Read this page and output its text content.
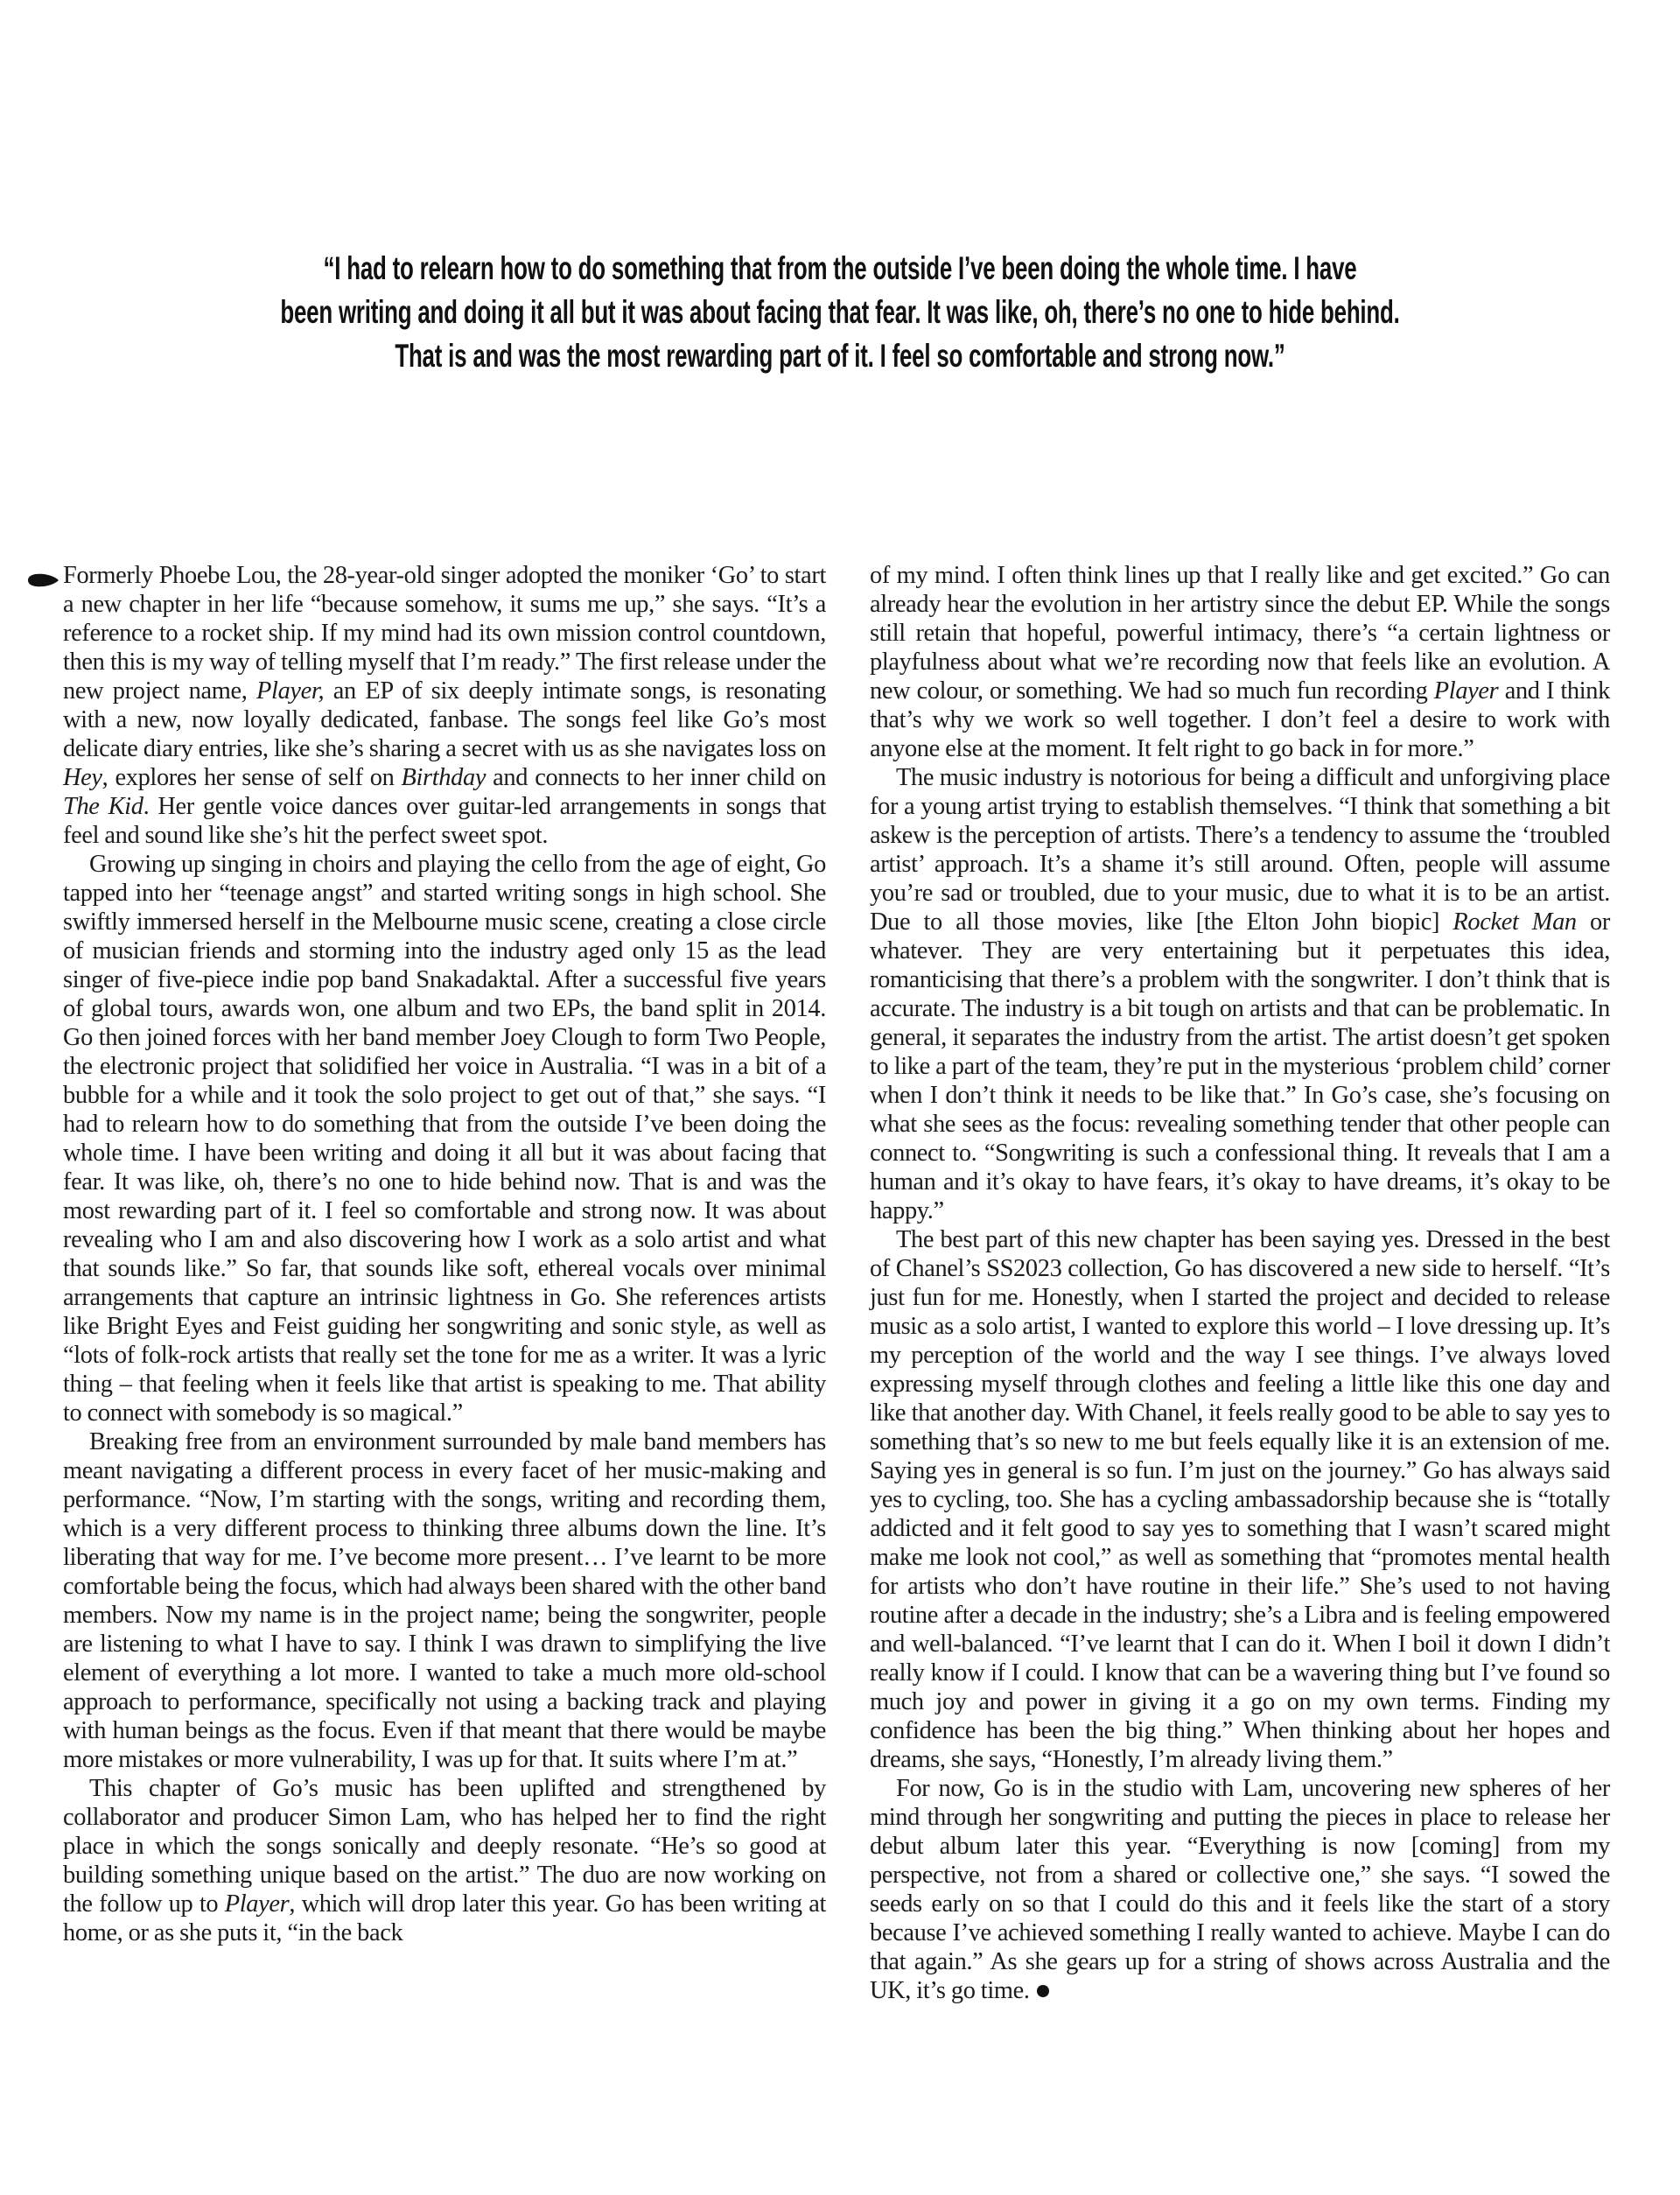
“I had to relearn how to do something that from the outside I’ve been doing the whole time. I have
been writing and doing it all but it was about facing that fear. It was like, oh, there’s no one to hide behind.
That is and was the most rewarding part of it. I feel so comfortable and strong now.”

Formerly Phoebe Lou, the 28-year-old singer adopted the moniker ‘Go’ to start a new chapter in her life “because somehow, it sums me up,” she says. “It’s a reference to a rocket ship. If my mind had its own mission control countdown, then this is my way of telling myself that I’m ready.” The first release under the new project name, Player, an EP of six deeply intimate songs, is resonating with a new, now loyally dedicated, fanbase. The songs feel like Go’s most delicate diary entries, like she’s sharing a secret with us as she navigates loss on Hey, explores her sense of self on Birthday and connects to her inner child on The Kid. Her gentle voice dances over guitar-led arrangements in songs that feel and sound like she’s hit the perfect sweet spot.

Growing up singing in choirs and playing the cello from the age of eight, Go tapped into her “teenage angst” and started writing songs in high school. She swiftly immersed herself in the Melbourne music scene, creating a close circle of musician friends and storming into the industry aged only 15 as the lead singer of five-piece indie pop band Snakadaktal. After a successful five years of global tours, awards won, one album and two EPs, the band split in 2014. Go then joined forces with her band member Joey Clough to form Two People, the electronic project that solidified her voice in Australia. “I was in a bit of a bubble for a while and it took the solo project to get out of that,” she says. “I had to relearn how to do something that from the outside I’ve been doing the whole time. I have been writing and doing it all but it was about facing that fear. It was like, oh, there’s no one to hide behind now. That is and was the most rewarding part of it. I feel so comfortable and strong now. It was about revealing who I am and also discovering how I work as a solo artist and what that sounds like.” So far, that sounds like soft, ethereal vocals over minimal arrangements that capture an intrinsic lightness in Go. She references artists like Bright Eyes and Feist guiding her songwriting and sonic style, as well as “lots of folk-rock artists that really set the tone for me as a writer. It was a lyric thing – that feeling when it feels like that artist is speaking to me. That ability to connect with somebody is so magical.”

Breaking free from an environment surrounded by male band members has meant navigating a different process in every facet of her music-making and performance. “Now, I’m starting with the songs, writing and recording them, which is a very different process to thinking three albums down the line. It’s liberating that way for me. I’ve become more present… I’ve learnt to be more comfortable being the focus, which had always been shared with the other band members. Now my name is in the project name; being the songwriter, people are listening to what I have to say. I think I was drawn to simplifying the live element of everything a lot more. I wanted to take a much more old-school approach to performance, specifically not using a backing track and playing with human beings as the focus. Even if that meant that there would be maybe more mistakes or more vulnerability, I was up for that. It suits where I’m at.”

This chapter of Go’s music has been uplifted and strengthened by collaborator and producer Simon Lam, who has helped her to find the right place in which the songs sonically and deeply resonate. “He’s so good at building something unique based on the artist.” The duo are now working on the follow up to Player, which will drop later this year. Go has been writing at home, or as she puts it, “in the back

of my mind. I often think lines up that I really like and get excited.” Go can already hear the evolution in her artistry since the debut EP. While the songs still retain that hopeful, powerful intimacy, there’s “a certain lightness or playfulness about what we’re recording now that feels like an evolution. A new colour, or something. We had so much fun recording Player and I think that’s why we work so well together. I don’t feel a desire to work with anyone else at the moment. It felt right to go back in for more.”

The music industry is notorious for being a difficult and unforgiving place for a young artist trying to establish themselves. “I think that something a bit askew is the perception of artists. There’s a tendency to assume the ‘troubled artist’ approach. It’s a shame it’s still around. Often, people will assume you’re sad or troubled, due to your music, due to what it is to be an artist. Due to all those movies, like [the Elton John biopic] Rocket Man or whatever. They are very entertaining but it perpetuates this idea, romanticising that there’s a problem with the songwriter. I don’t think that is accurate. The industry is a bit tough on artists and that can be problematic. In general, it separates the industry from the artist. The artist doesn’t get spoken to like a part of the team, they’re put in the mysterious ‘problem child’ corner when I don’t think it needs to be like that.” In Go’s case, she’s focusing on what she sees as the focus: revealing something tender that other people can connect to. “Songwriting is such a confessional thing. It reveals that I am a human and it’s okay to have fears, it’s okay to have dreams, it’s okay to be happy.”

The best part of this new chapter has been saying yes. Dressed in the best of Chanel’s SS2023 collection, Go has discovered a new side to herself. “It’s just fun for me. Honestly, when I started the project and decided to release music as a solo artist, I wanted to explore this world – I love dressing up. It’s my perception of the world and the way I see things. I’ve always loved expressing myself through clothes and feeling a little like this one day and like that another day. With Chanel, it feels really good to be able to say yes to something that’s so new to me but feels equally like it is an extension of me. Saying yes in general is so fun. I’m just on the journey.” Go has always said yes to cycling, too. She has a cycling ambassadorship because she is “totally addicted and it felt good to say yes to something that I wasn’t scared might make me look not cool,” as well as something that “promotes mental health for artists who don’t have routine in their life.” She’s used to not having routine after a decade in the industry; she’s a Libra and is feeling empowered and well-balanced. “I’ve learnt that I can do it. When I boil it down I didn’t really know if I could. I know that can be a wavering thing but I’ve found so much joy and power in giving it a go on my own terms. Finding my confidence has been the big thing.” When thinking about her hopes and dreams, she says, “Honestly, I’m already living them.”

For now, Go is in the studio with Lam, uncovering new spheres of her mind through her songwriting and putting the pieces in place to release her debut album later this year. “Everything is now [coming] from my perspective, not from a shared or collective one,” she says. “I sowed the seeds early on so that I could do this and it feels like the start of a story because I’ve achieved something I really wanted to achieve. Maybe I can do that again.” As she gears up for a string of shows across Australia and the UK, it’s go time.
